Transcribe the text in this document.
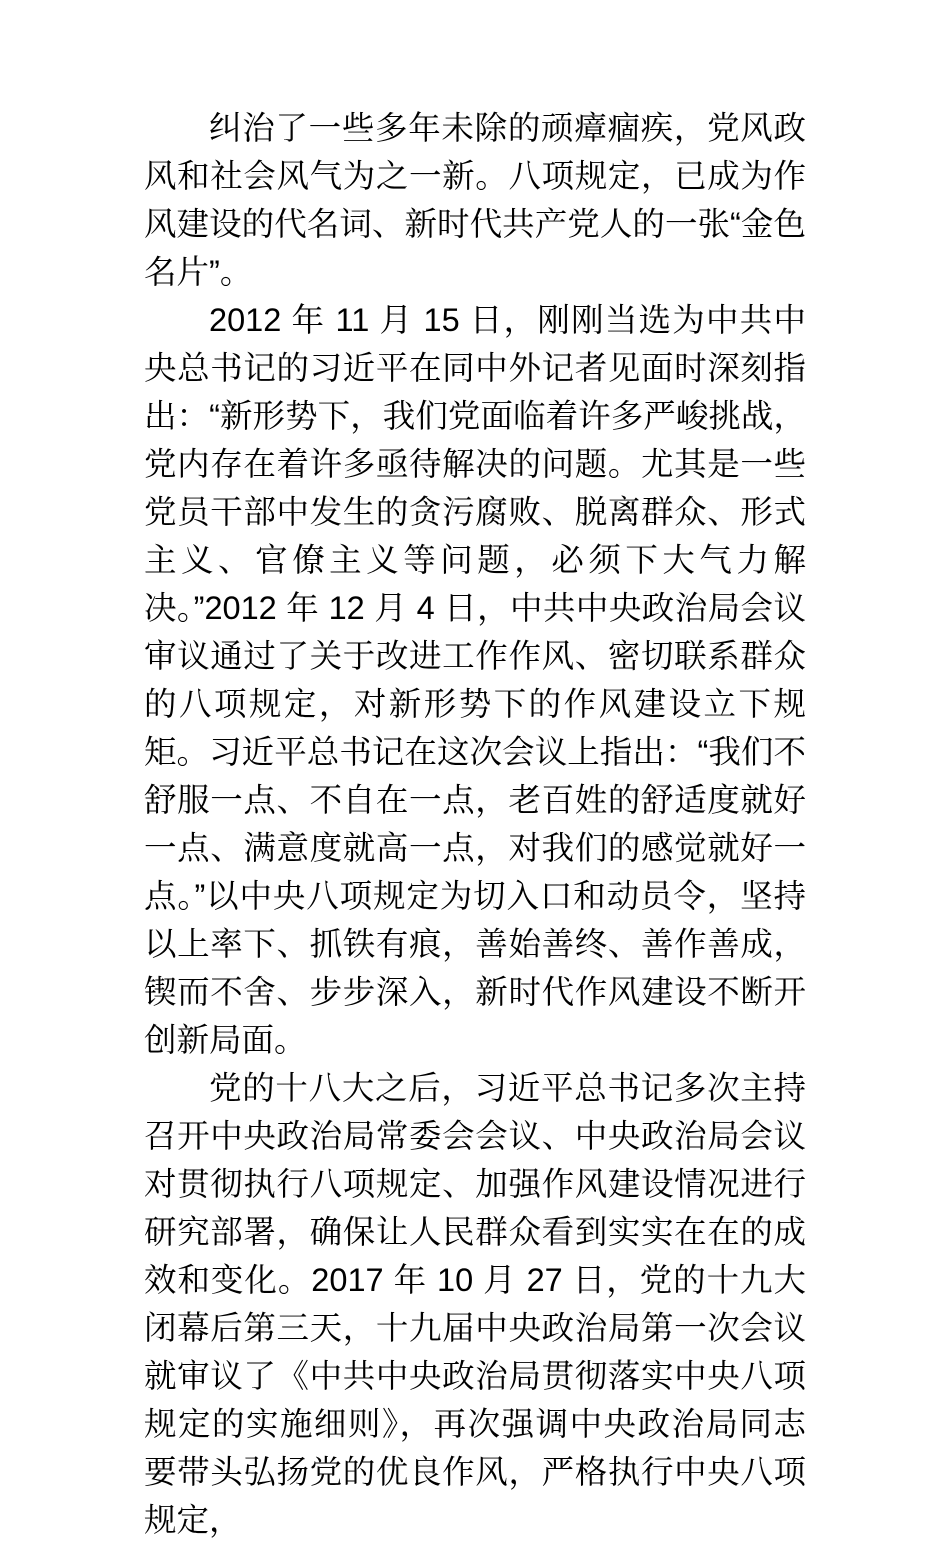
纠治了一些多年未除的顽瘴痼疾，党风政风和社会风气为之一新。八项规定，已成为作风建设的代名词、新时代共产党人的一张“金色名片”。

2012 年 11 月 15 日，刚刚当选为中共中央总书记的习近平在同中外记者见面时深刻指出：“新形势下，我们党面临着许多严峻挑战，党内存在着许多亟待解决的问题。尤其是一些党员干部中发生的贪污腐败、脱离群众、形式主义、官僚主义等问题，必须下大气力解决。”2012 年 12 月 4 日，中共中央政治局会议审议通过了关于改进工作作风、密切联系群众的八项规定，对新形势下的作风建设立下规矩。习近平总书记在这次会议上指出：“我们不舒服一点、不自在一点，老百姓的舒适度就好一点、满意度就高一点，对我们的感觉就好一点。”以中央八项规定为切入口和动员令，坚持以上率下、抓铁有痕，善始善终、善作善成，锲而不舍、步步深入，新时代作风建设不断开创新局面。

党的十八大之后，习近平总书记多次主持召开中央政治局常委会会议、中央政治局会议对贯彻执行八项规定、加强作风建设情况进行研究部署，确保让人民群众看到实实在在的成效和变化。2017 年 10 月 27 日，党的十九大闭幕后第三天，十九届中央政治局第一次会议就审议了《中共中央政治局贯彻落实中央八项规定的实施细则》，再次强调中央政治局同志要带头弘扬党的优良作风，严格执行中央八项规定，
